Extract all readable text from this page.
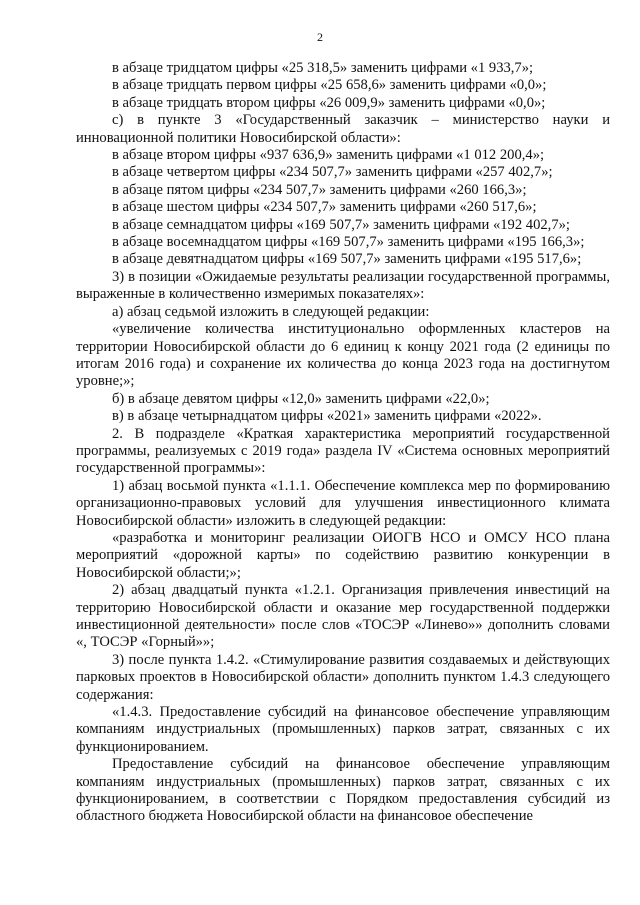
2

в абзаце тридцатом цифры «25 318,5» заменить цифрами «1 933,7»;

в абзаце тридцать первом цифры «25 658,6» заменить цифрами «0,0»;

в абзаце тридцать втором цифры «26 009,9» заменить цифрами «0,0»;

с) в пункте 3 «Государственный заказчик – министерство науки и инновационной политики Новосибирской области»:

в абзаце втором цифры «937 636,9» заменить цифрами «1 012 200,4»;

в абзаце четвертом цифры «234 507,7» заменить цифрами «257 402,7»;

в абзаце пятом цифры «234 507,7» заменить цифрами «260 166,3»;

в абзаце шестом цифры «234 507,7» заменить цифрами «260 517,6»;

в абзаце семнадцатом цифры «169 507,7» заменить цифрами «192 402,7»;

в абзаце восемнадцатом цифры «169 507,7» заменить цифрами «195 166,3»;

в абзаце девятнадцатом цифры «169 507,7» заменить цифрами «195 517,6»;

3) в позиции «Ожидаемые результаты реализации государственной программы, выраженные в количественно измеримых показателях»:

а) абзац седьмой изложить в следующей редакции:

«увеличение количества институционально оформленных кластеров на территории Новосибирской области до 6 единиц к концу 2021 года (2 единицы по итогам 2016 года) и сохранение их количества до конца 2023 года на достигнутом уровне;»;

б) в абзаце девятом цифры «12,0» заменить цифрами «22,0»;

в) в абзаце четырнадцатом цифры «2021» заменить цифрами «2022».

2. В подразделе «Краткая характеристика мероприятий государственной программы, реализуемых с 2019 года» раздела IV «Система основных мероприятий государственной программы»:

1) абзац восьмой пункта «1.1.1. Обеспечение комплекса мер по формированию организационно-правовых условий для улучшения инвестиционного климата Новосибирской области» изложить в следующей редакции:

«разработка и мониторинг реализации ОИОГВ НСО и ОМСУ НСО плана мероприятий «дорожной карты» по содействию развитию конкуренции в Новосибирской области;»;

2) абзац двадцатый пункта «1.2.1. Организация привлечения инвестиций на территорию Новосибирской области и оказание мер государственной поддержки инвестиционной деятельности» после слов «ТОСЭР «Линево»» дополнить словами «, ТОСЭР «Горный»»;

3) после пункта 1.4.2. «Стимулирование развития создаваемых и действующих парковых проектов в Новосибирской области» дополнить пунктом 1.4.3 следующего содержания:

«1.4.3. Предоставление субсидий на финансовое обеспечение управляющим компаниям индустриальных (промышленных) парков затрат, связанных с их функционированием.

Предоставление субсидий на финансовое обеспечение управляющим компаниям индустриальных (промышленных) парков затрат, связанных с их функционированием, в соответствии с Порядком предоставления субсидий из областного бюджета Новосибирской области на финансовое обеспечение
